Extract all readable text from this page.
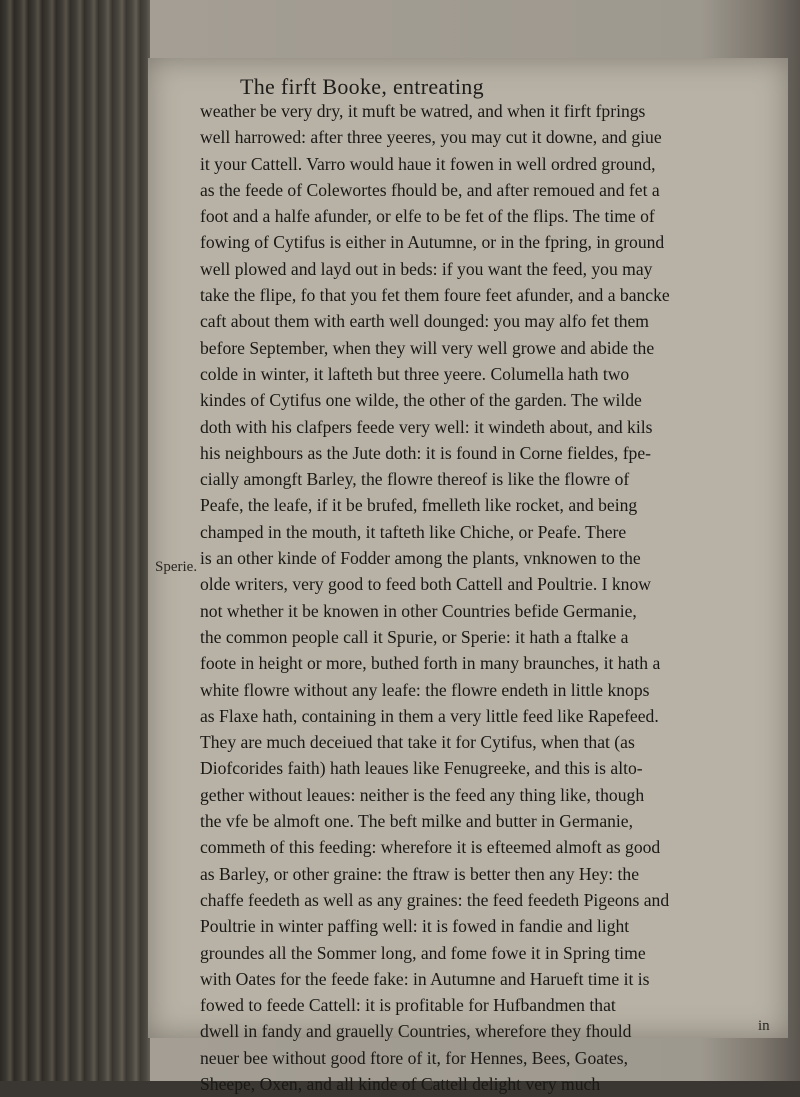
The firft Booke, entreating
Sperie.
weather be very dry, it muft be watred, and when it firft fprings
well harrowed: after three yeeres, you may cut it downe, and giue
it your Cattell. Varro would haue it fowen in well ordred ground,
as the feede of Colewortes fhould be, and after remoued and fet a
foot and a halfe afunder, or elfe to be fet of the flips. The time of
fowing of Cytifus is either in Autumne, or in the fpring, in ground
well plowed and layd out in beds: if you want the feed, you may
take the flipe, fo that you fet them foure feet afunder, and a bancke
caft about them with earth well dounged: you may alfo fet them
before September, when they will very well growe and abide the
colde in winter, it lafteth but three yeere. Columella hath two
kindes of Cytifus one wilde, the other of the garden. The wilde
doth with his clafpers feede very well: it windeth about, and kils
his neighbours as the Jute doth: it is found in Corne fieldes, fpe-
cially amongft Barley, the flowre thereof is like the flowre of
Peafe, the leafe, if it be brufed, fmelleth like rocket, and being
champed in the mouth, it tafteth like Chiche, or Peafe. There
is an other kinde of Fodder among the plants, vnknowen to the
olde writers, very good to feed both Cattell and Poultrie. I know
not whether it be knowen in other Countries befide Germanie,
the common people call it Spurie, or Sperie: it hath a ftalke a
foote in height or more, buthed forth in many braunches, it hath a
white flowre without any leafe: the flowre endeth in little knops
as Flaxe hath, containing in them a very little feed like Rapefeed.
They are much deceiued that take it for Cytifus, when that (as
Diofcorides faith) hath leaues like Fenugreeke, and this is alto-
gether without leaues: neither is the feed any thing like, though
the vfe be almoft one. The beft milke and butter in Germanie,
commeth of this feeding: wherefore it is efteemed almoft as good
as Barley, or other graine: the ftraw is better then any Hey: the
chaffe feedeth as well as any graines: the feed feedeth Pigeons and
Poultrie in winter paffing well: it is fowed in fandie and light
groundes all the Sommer long, and fome fowe it in Spring time
with Oates for the feede fake: in Autumne and Harueft time it is
fowed to feede Cattell: it is profitable for Hufbandmen that
dwell in fandy and grauelly Countries, wherefore they fhould
neuer bee without good ftore of it, for Hennes, Bees, Goates,
Sheepe, Oxen, and all kinde of Cattell delight very much
in
